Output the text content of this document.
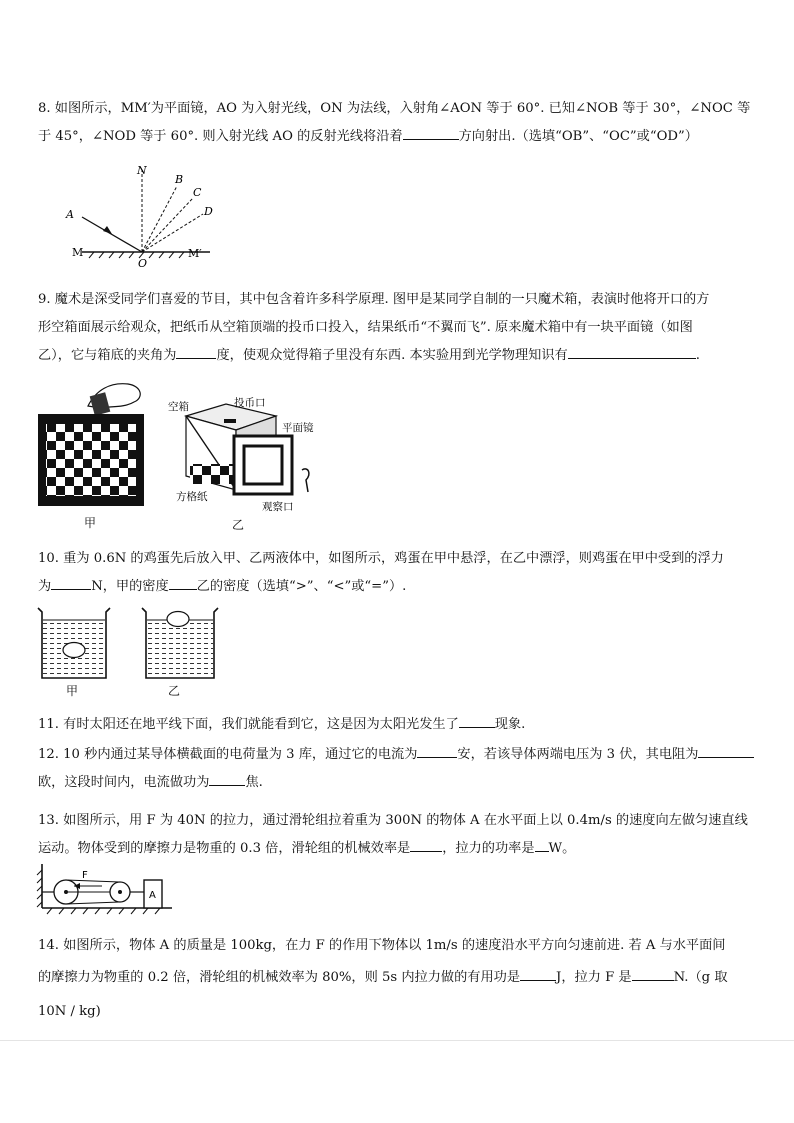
8. 如图所示，MM′为平面镜，AO 为入射光线，ON 为法线，入射角∠AON 等于 60°. 已知∠NOB 等于 30°，∠NOC 等

于 45°，∠NOD 等于 60°. 则入射光线 AO 的反射光线将沿着	方向射出.（选填“OB”、“OC”或“OD”）

N
B
C
D
A
M	M′
O

9. 魔术是深受同学们喜爱的节目，其中包含着许多科学原理. 图甲是某同学自制的一只魔术箱，表演时他将开口的方

形空箱面展示给观众，把纸币从空箱顶端的投币口投入，结果纸币“不翼而飞”. 原来魔术箱中有一块平面镜（如图

乙），它与箱底的夹角为	度，使观众觉得箱子里没有东西. 本实验用到光学物理知识有	.

甲
空箱	投币口
平面镜
方格纸
观察口
乙

10. 重为 0.6N 的鸡蛋先后放入甲、乙两液体中，如图所示，鸡蛋在甲中悬浮，在乙中漂浮，则鸡蛋在甲中受到的浮力

为	N，甲的密度 乙的密度（选填“>”、“<”或“=”）.

甲	乙

11. 有时太阳还在地平线下面，我们就能看到它，这是因为太阳光发生了	现象.

12. 10 秒内通过某导体横截面的电荷量为 3 库，通过它的电流为	安，若该导体两端电压为 3 伏，其电阻为

欧，这段时间内，电流做功为	焦.

13. 如图所示，用 F 为 40N 的拉力，通过滑轮组拉着重为 300N 的物体 A 在水平面上以 0.4m/s 的速度向左做匀速直线

运动。物体受到的摩擦力是物重的 0.3 倍，滑轮组的机械效率是 ，拉力的功率是 W。

F
A

14. 如图所示，物体 A 的质量是 100kg，在力 F 的作用下物体以 1m/s 的速度沿水平方向匀速前进. 若 A 与水平面间

的摩擦力为物重的 0.2 倍，滑轮组的机械效率为 80%，则 5s 内拉力做的有用功是	J，拉力 F 是	N.（g 取

10N / kg)
